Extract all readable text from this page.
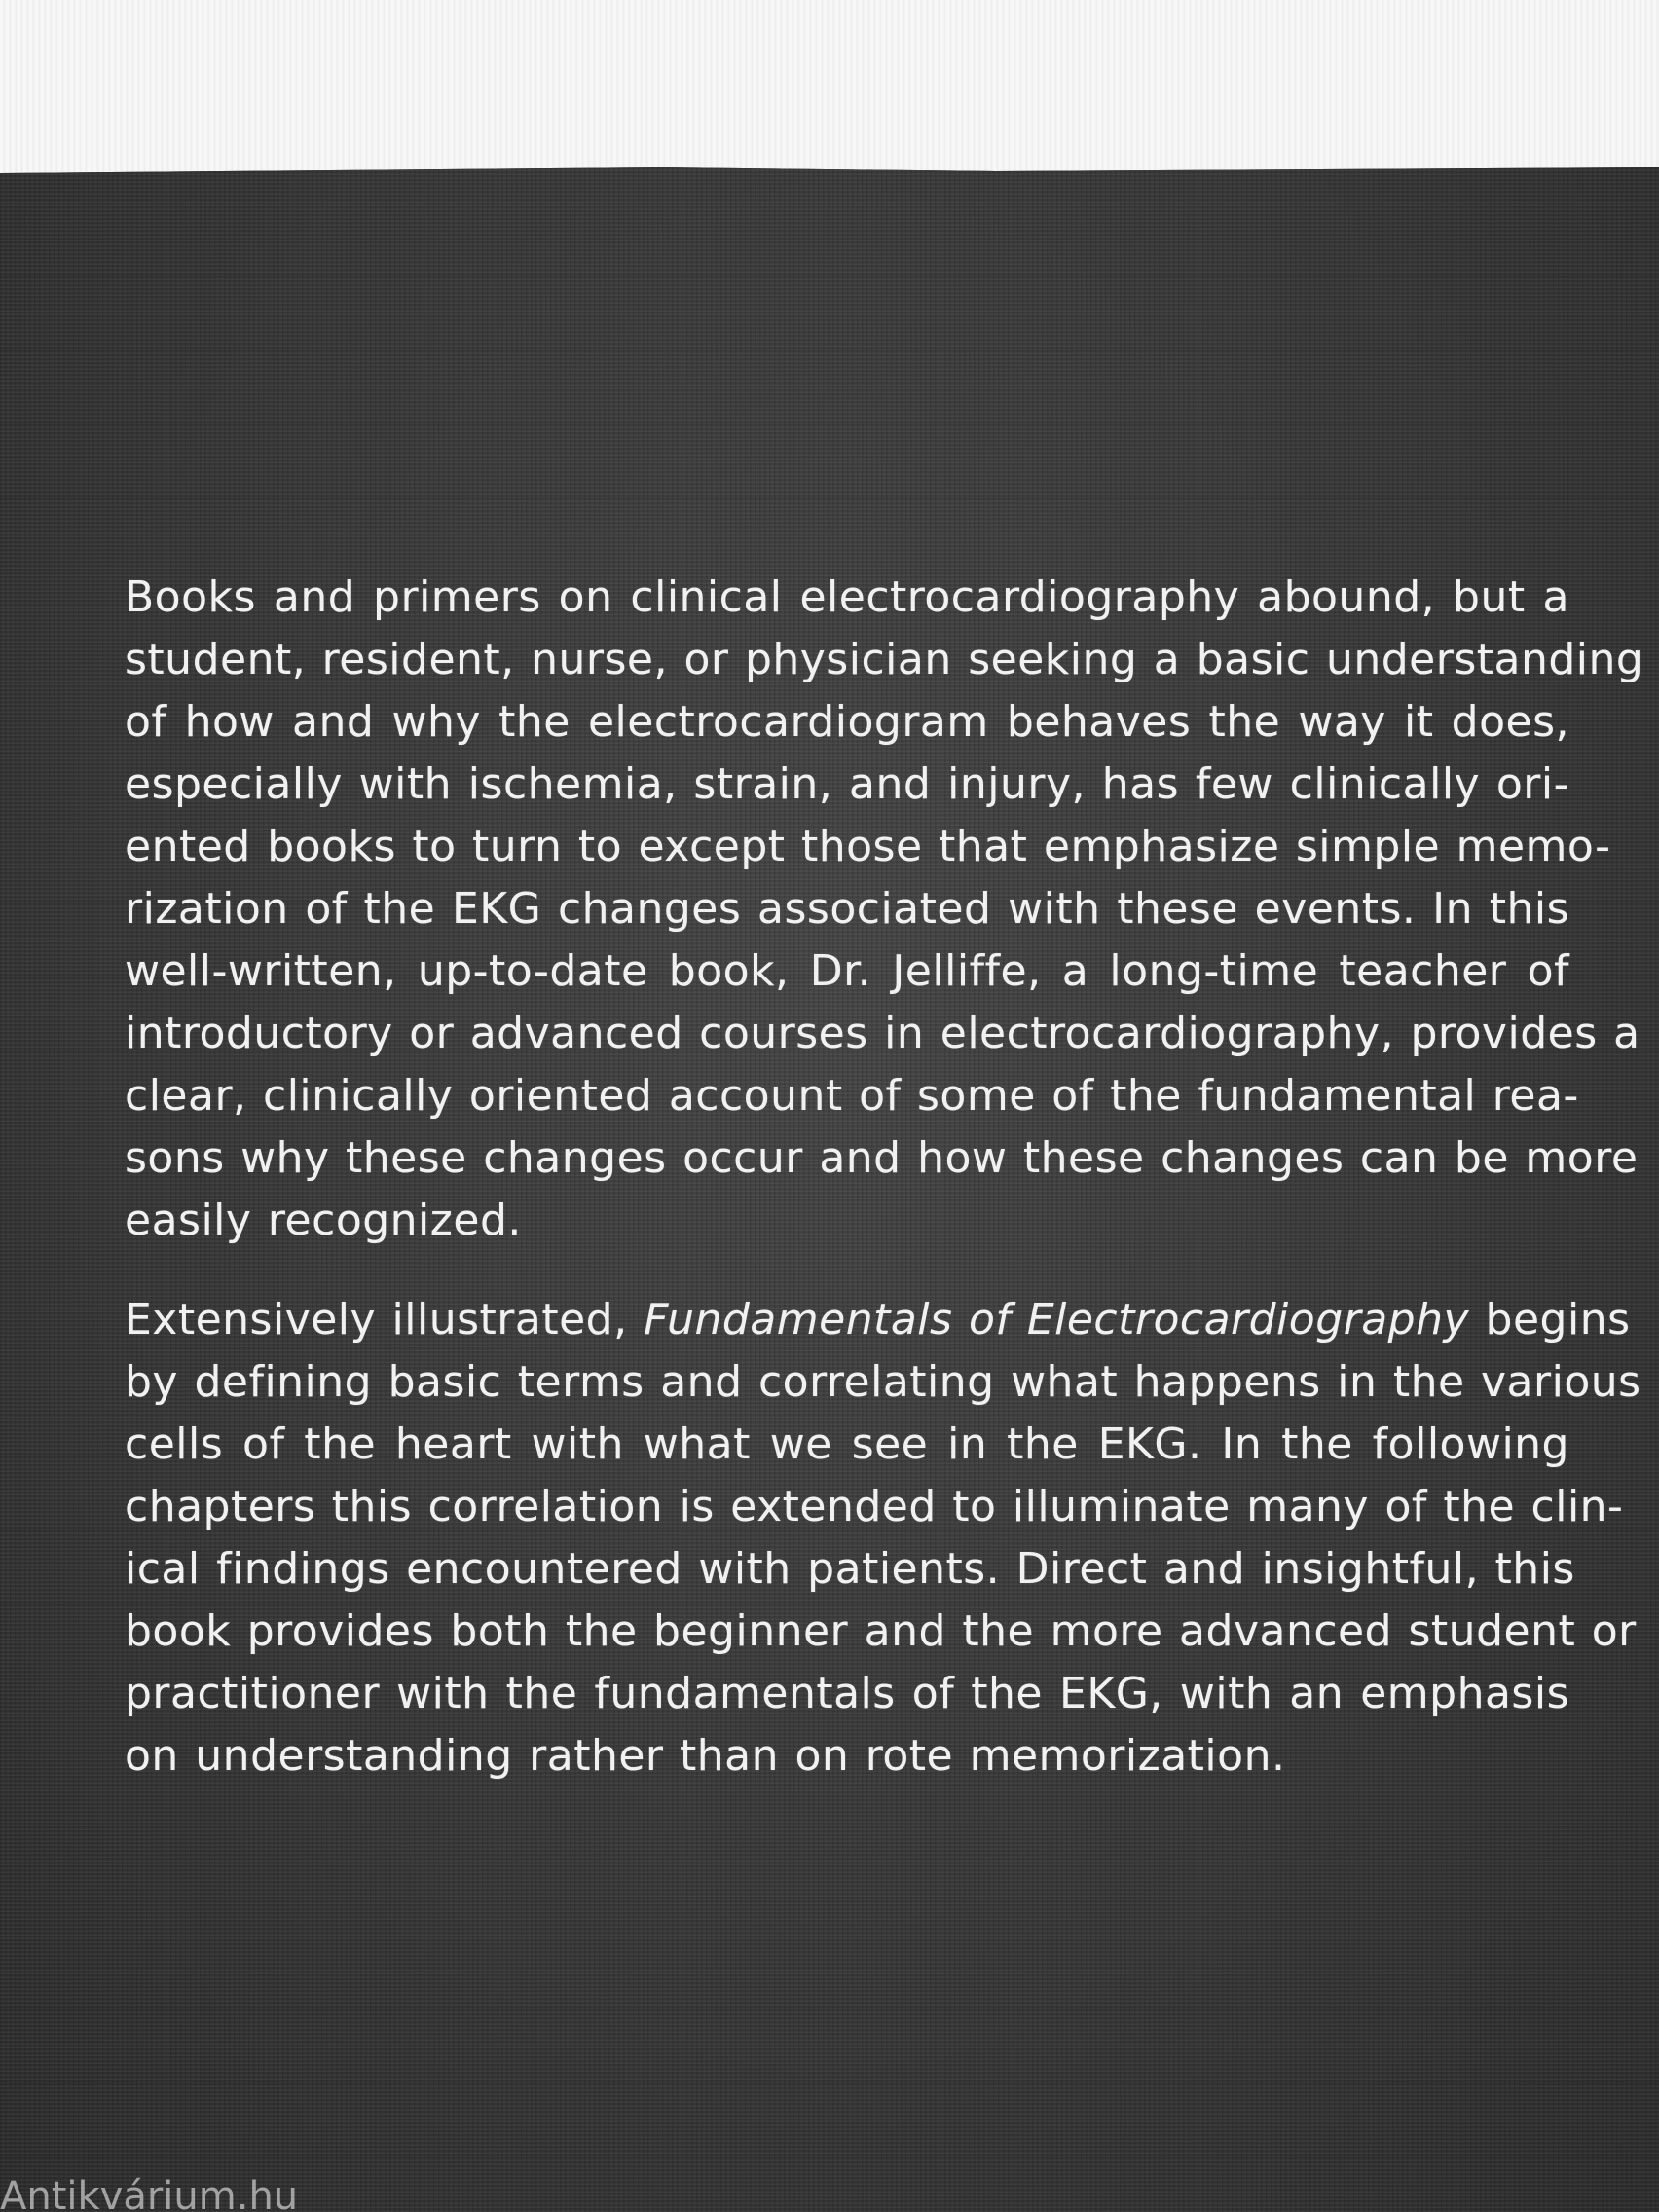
Books and primers on clinical electrocardiography abound, but a
student, resident, nurse, or physician seeking a basic understanding
of how and why the electrocardiogram behaves the way it does,
especially with ischemia, strain, and injury, has few clinically ori-
ented books to turn to except those that emphasize simple memo-
rization of the EKG changes associated with these events. In this
well-written, up-to-date book, Dr. Jelliffe, a long-time teacher of
introductory or advanced courses in electrocardiography, provides a
clear, clinically oriented account of some of the fundamental rea-
sons why these changes occur and how these changes can be more
easily recognized.

Extensively illustrated, Fundamentals of Electrocardiography begins
by defining basic terms and correlating what happens in the various
cells of the heart with what we see in the EKG. In the following
chapters this correlation is extended to illuminate many of the clin-
ical findings encountered with patients. Direct and insightful, this
book provides both the beginner and the more advanced student or
practitioner with the fundamentals of the EKG, with an emphasis
on understanding rather than on rote memorization.

Antikvárium.hu
